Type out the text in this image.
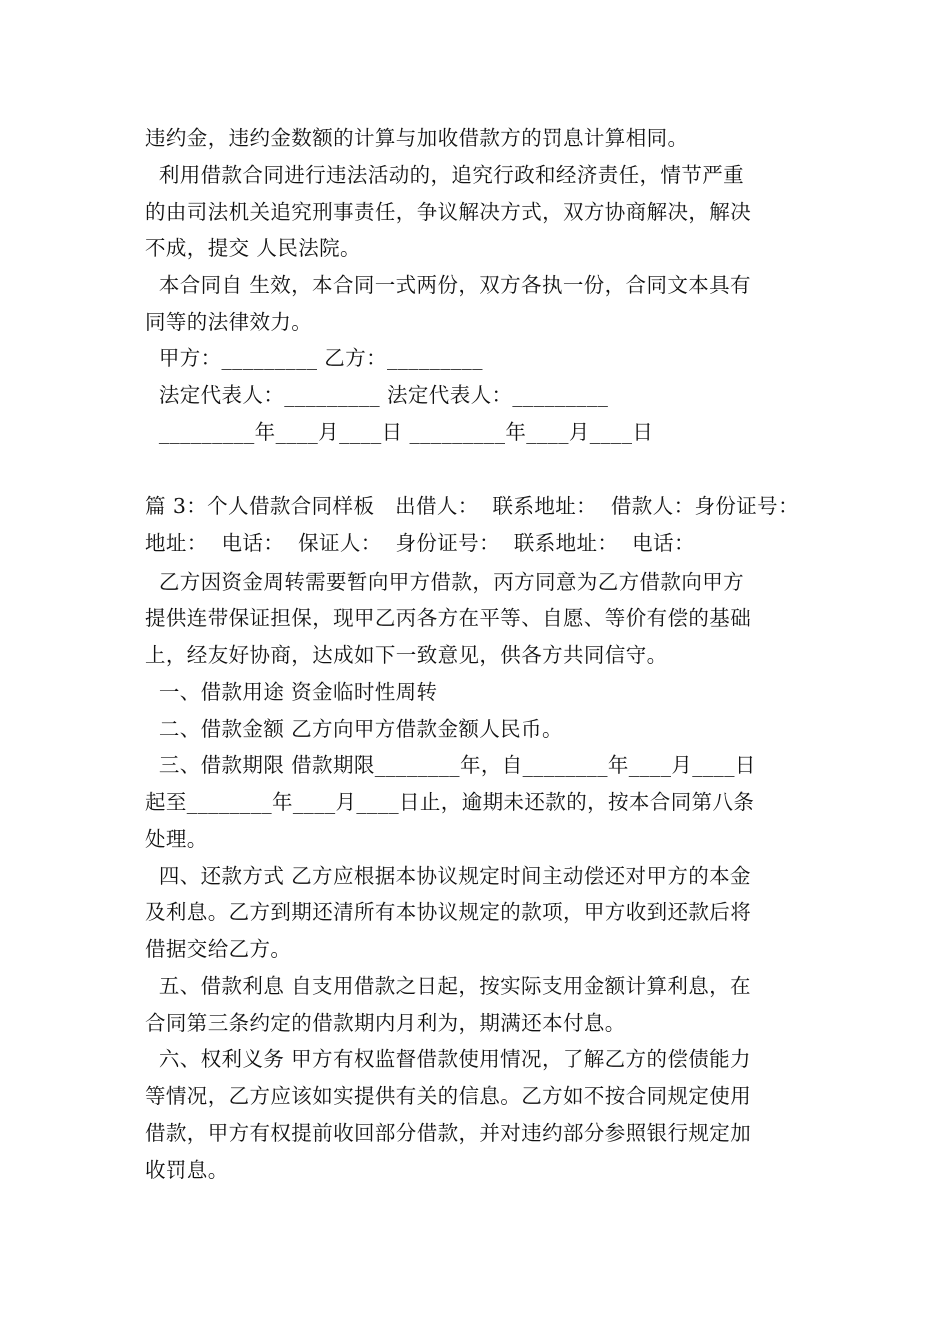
违约金，违约金数额的计算与加收借款方的罚息计算相同。
利用借款合同进行违法活动的，追究行政和经济责任，情节严重
的由司法机关追究刑事责任，争议解决方式，双方协商解决，解决
不成，提交 人民法院。
本合同自 生效，本合同一式两份，双方各执一份，合同文本具有
同等的法律效力。
甲方：_________ 乙方：_________
法定代表人：_________ 法定代表人：_________
_________年____月____日 _________年____月____日
篇 3：个人借款合同样板   出借人：  联系地址：  借款人：身份证号：
地址：  电话：  保证人：  身份证号：  联系地址：  电话：
乙方因资金周转需要暂向甲方借款，丙方同意为乙方借款向甲方
提供连带保证担保，现甲乙丙各方在平等、自愿、等价有偿的基础
上，经友好协商，达成如下一致意见，供各方共同信守。
一、借款用途 资金临时性周转
二、借款金额 乙方向甲方借款金额人民币。
三、借款期限 借款期限________年，自________年____月____日
起至________年____月____日止，逾期未还款的，按本合同第八条
处理。
四、还款方式 乙方应根据本协议规定时间主动偿还对甲方的本金
及利息。乙方到期还清所有本协议规定的款项，甲方收到还款后将
借据交给乙方。
五、借款利息 自支用借款之日起，按实际支用金额计算利息，在
合同第三条约定的借款期内月利为，期满还本付息。
六、权利义务 甲方有权监督借款使用情况，了解乙方的偿债能力
等情况，乙方应该如实提供有关的信息。乙方如不按合同规定使用
借款，甲方有权提前收回部分借款，并对违约部分参照银行规定加
收罚息。
